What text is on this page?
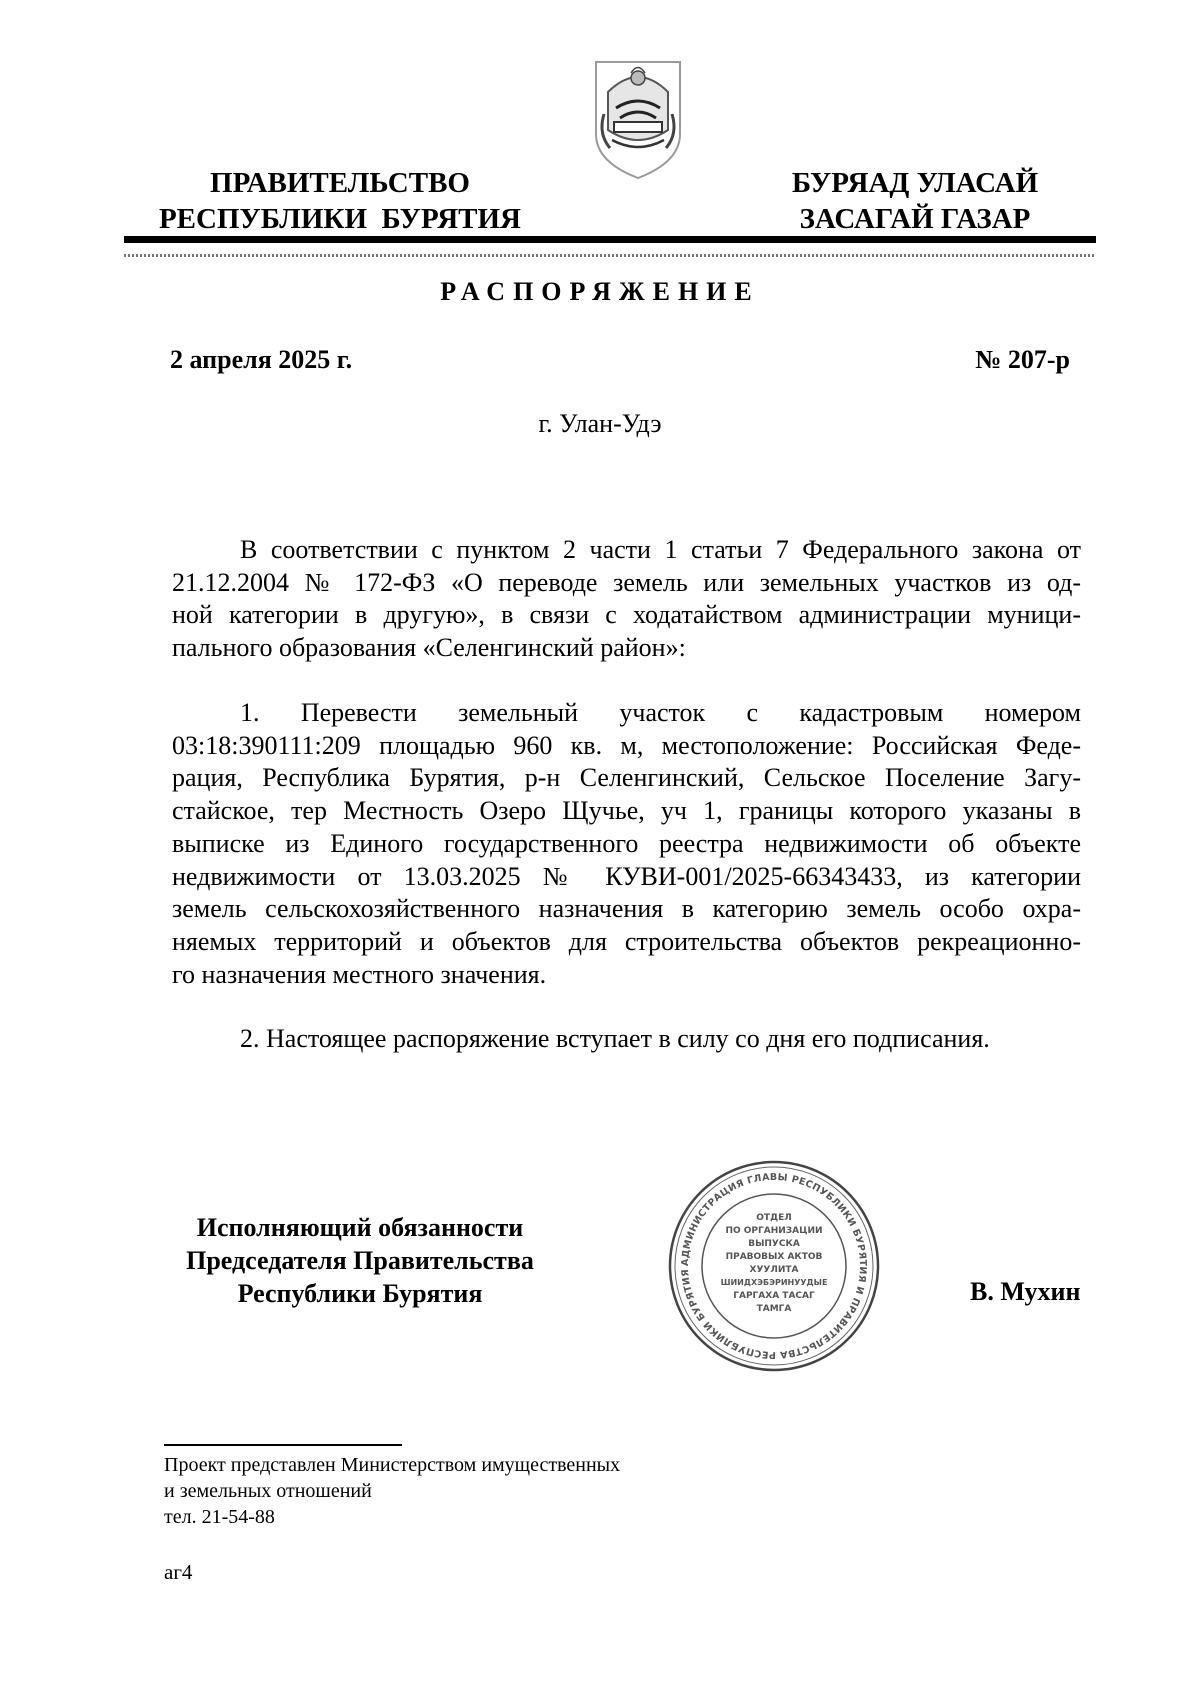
ПРАВИТЕЛЬСТВО
РЕСПУБЛИКИ  БУРЯТИЯ
БУРЯАД УЛАСАЙ
ЗАСАГАЙ ГАЗАР
РАСПОРЯЖЕНИЕ
2 апреля 2025 г.	№ 207-р
г. Улан-Удэ
В соответствии с пунктом 2 части 1 статьи 7 Федерального закона от
21.12.2004 № 172-ФЗ «О переводе земель или земельных участков из од-
ной категории в другую», в связи с ходатайством администрации муници-
пального образования «Селенгинский район»:
1. Перевести земельный участок с кадастровым номером
03:18:390111:209 площадью 960 кв. м, местоположение: Российская Феде-
рация, Республика Бурятия, р-н Селенгинский, Сельское Поселение Загу-
стайское, тер Местность Озеро Щучье, уч 1, границы которого указаны в
выписке из Единого государственного реестра недвижимости об объекте
недвижимости от 13.03.2025 № КУВИ-001/2025-66343433, из категории
земель сельскохозяйственного назначения в категорию земель особо охра-
няемых территорий и объектов для строительства объектов рекреационно-
го назначения местного значения.
2. Настоящее распоряжение вступает в силу со дня его подписания.
Исполняющий обязанности
Председателя Правительства
Республики Бурятия	В. Мухин
АДМИНИСТРАЦИЯ ГЛАВЫ РЕСПУБЛИКИ БУРЯТИЯ И ПРАВИТЕЛЬСТВА РЕСПУБЛИКИ БУРЯТИЯ
ОТДЕЛ
ПО ОРГАНИЗАЦИИ
ВЫПУСКА
ПРАВОВЫХ АКТОВ
ХУУЛИТА
ШИИДХЭБЭРИНУУДЫЕ
ГАРГАХА ТАСАГ
ТАМГА
Проект представлен Министерством имущественных
и земельных отношений
тел. 21-54-88
аг4
